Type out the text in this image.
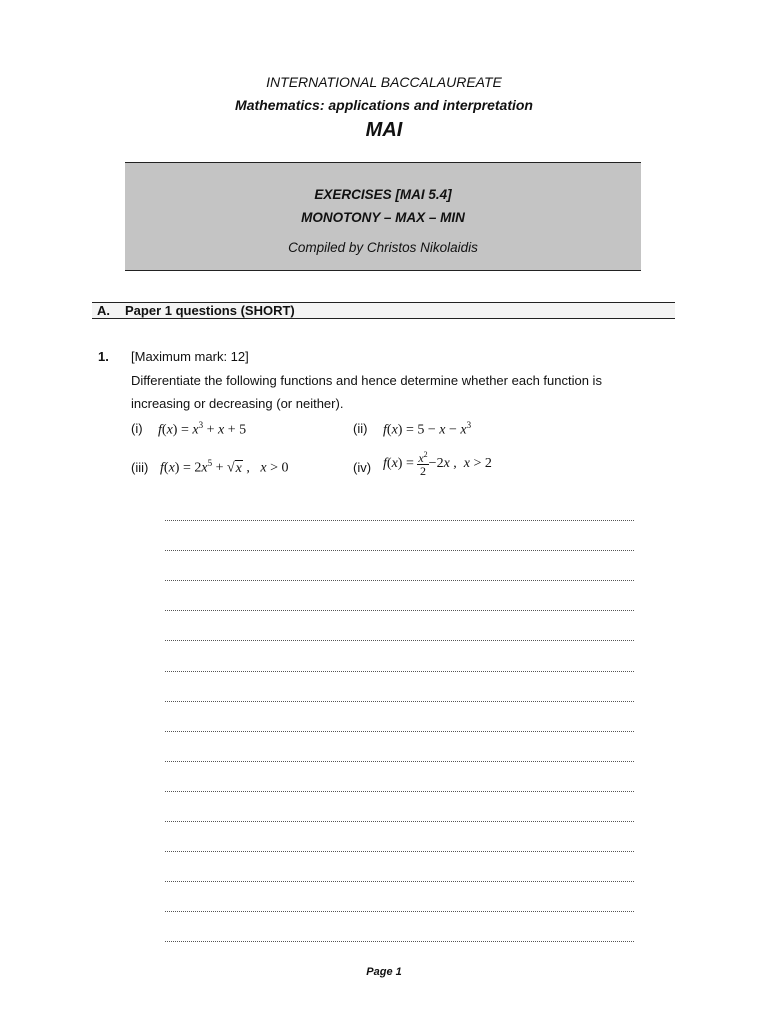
INTERNATIONAL BACCALAUREATE
Mathematics: applications and interpretation
MAI
EXERCISES [MAI 5.4]
MONOTONY – MAX – MIN
Compiled by Christos Nikolaidis
A. Paper 1 questions (SHORT)
1. [Maximum mark: 12]
Differentiate the following functions and hence determine whether each function is
increasing or decreasing (or neither).
(i) $f(x) = x^3 + x + 5$	(ii) $f(x) = 5 - x - x^3$
(iii) $f(x) = 2x^5 + √x$ ,   x > 0	(iv) $f(x) = \frac{x^2}{2} -2x$ ,  x > 2
Page 1
